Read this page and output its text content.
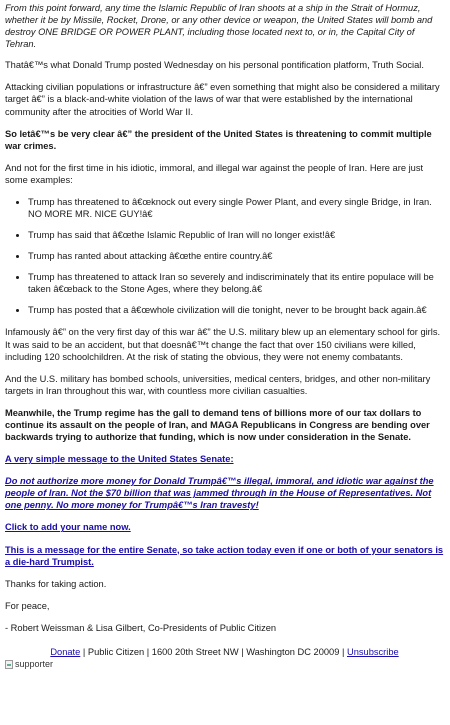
From this point forward, any time the Islamic Republic of Iran shoots at a ship in the Strait of Hormuz, whether it be by Missile, Rocket, Drone, or any other device or weapon, the United States will bomb and destroy ONE BRIDGE OR POWER PLANT, including those located next to, or in, the Capital City of Tehran.

Thatâ€™s what Donald Trump posted Wednesday on his personal pontification platform, Truth Social.

Attacking civilian populations or infrastructure â€” even something that might also be considered a military target â€” is a black-and-white violation of the laws of war that were established by the international community after the atrocities of World War II.

So letâ€™s be very clear â€” the president of the United States is threatening to commit multiple war crimes.

And not for the first time in his idiotic, immoral, and illegal war against the people of Iran. Here are just some examples:

• Trump has threatened to â€œknock out every single Power Plant, and every single Bridge, in Iran. NO MORE MR. NICE GUY!â€
• Trump has said that â€œthe Islamic Republic of Iran will no longer exist!â€
• Trump has ranted about attacking â€œthe entire country.â€
• Trump has threatened to attack Iran so severely and indiscriminately that its entire populace will be taken â€œback to the Stone Ages, where they belong.â€
• Trump has posted that a â€œwhole civilization will die tonight, never to be brought back again.â€

Infamously â€” on the very first day of this war â€” the U.S. military blew up an elementary school for girls. It was said to be an accident, but that doesnâ€™t change the fact that over 150 civilians were killed, including 120 schoolchildren. At the risk of stating the obvious, they were not enemy combatants.

And the U.S. military has bombed schools, universities, medical centers, bridges, and other non-military targets in Iran throughout this war, with countless more civilian casualties.

Meanwhile, the Trump regime has the gall to demand tens of billions more of our tax dollars to continue its assault on the people of Iran, and MAGA Republicans in Congress are bending over backwards trying to authorize that funding, which is now under consideration in the Senate.

A very simple message to the United States Senate:

Do not authorize more money for Donald Trumpâ€™s illegal, immoral, and idiotic war against the people of Iran. Not the $70 billion that was jammed through in the House of Representatives. Not one penny. No more money for Trumpâ€™s Iran travesty!

Click to add your name now.

This is a message for the entire Senate, so take action today even if one or both of your senators is a die-hard Trumpist.

Thanks for taking action.

For peace,

- Robert Weissman & Lisa Gilbert, Co-Presidents of Public Citizen

Donate | Public Citizen | 1600 20th Street NW | Washington DC 20009 | Unsubscribe
supporter
